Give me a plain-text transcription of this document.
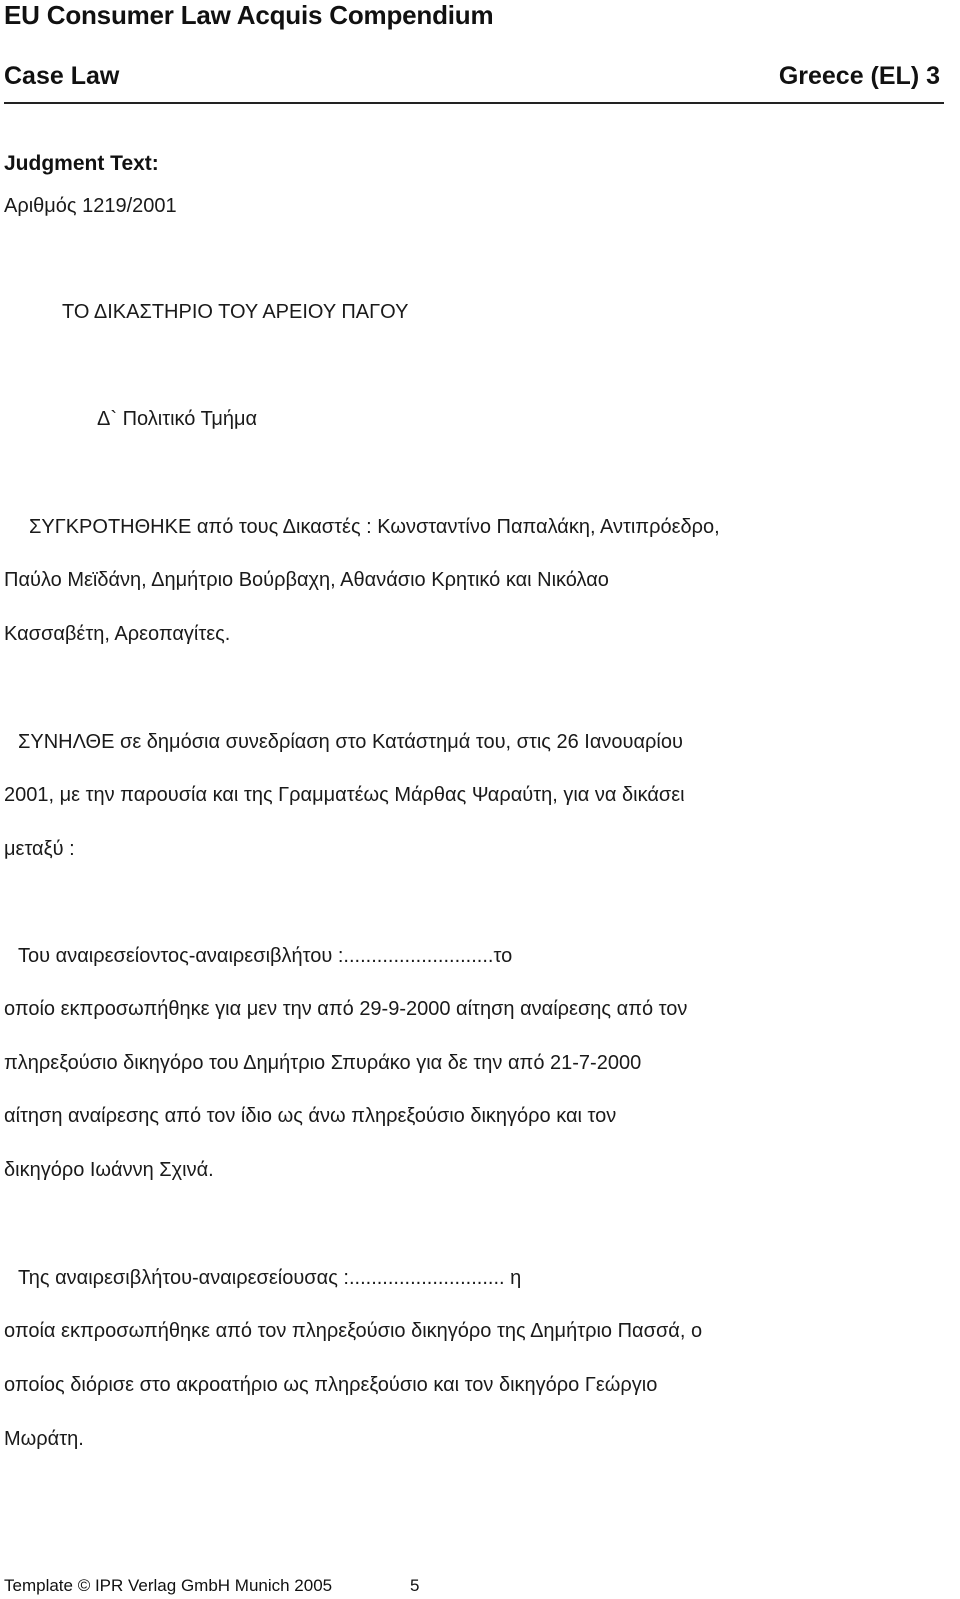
EU Consumer Law Acquis Compendium
Case Law	Greece (EL) 3
Judgment Text:
Αριθμός 1219/2001
ΤΟ ΔΙΚΑΣΤΗΡΙΟ ΤΟΥ ΑΡΕΙΟΥ ΠΑΓΟΥ
Δ` Πολιτικό Τμήμα
ΣΥΓΚΡΟΤΗΘΗΚΕ από τους Δικαστές : Κωνσταντίνο Παπαλάκη, Αντιπρόεδρο,
Παύλο Μεϊδάνη, Δημήτριο Βούρβαχη, Αθανάσιο Κρητικό και Νικόλαο
Κασσαβέτη, Αρεοπαγίτες.
ΣΥΝΗΛΘΕ σε δημόσια συνεδρίαση στο Κατάστημά του, στις 26 Ιανουαρίου
2001, με την παρουσία και της Γραμματέως Μάρθας Ψαραύτη, για να δικάσει
μεταξύ :
Του αναιρεσείοντος-αναιρεσιβλήτου :...........................το
οποίο εκπροσωπήθηκε για μεν την από 29-9-2000 αίτηση αναίρεσης από τον
πληρεξούσιο δικηγόρο του Δημήτριο Σπυράκο για δε την από 21-7-2000
αίτηση αναίρεσης από τον ίδιο ως άνω πληρεξούσιο δικηγόρο και τον
δικηγόρο Ιωάννη Σχινά.
Της αναιρεσιβλήτου-αναιρεσείουσας :............................ η
οποία εκπροσωπήθηκε από τον πληρεξούσιο δικηγόρο της Δημήτριο Πασσά, ο
οποίος διόρισε στο ακροατήριο ως πληρεξούσιο και τον δικηγόρο Γεώργιο
Μωράτη.
Template © IPR Verlag GmbH Munich 2005	5
